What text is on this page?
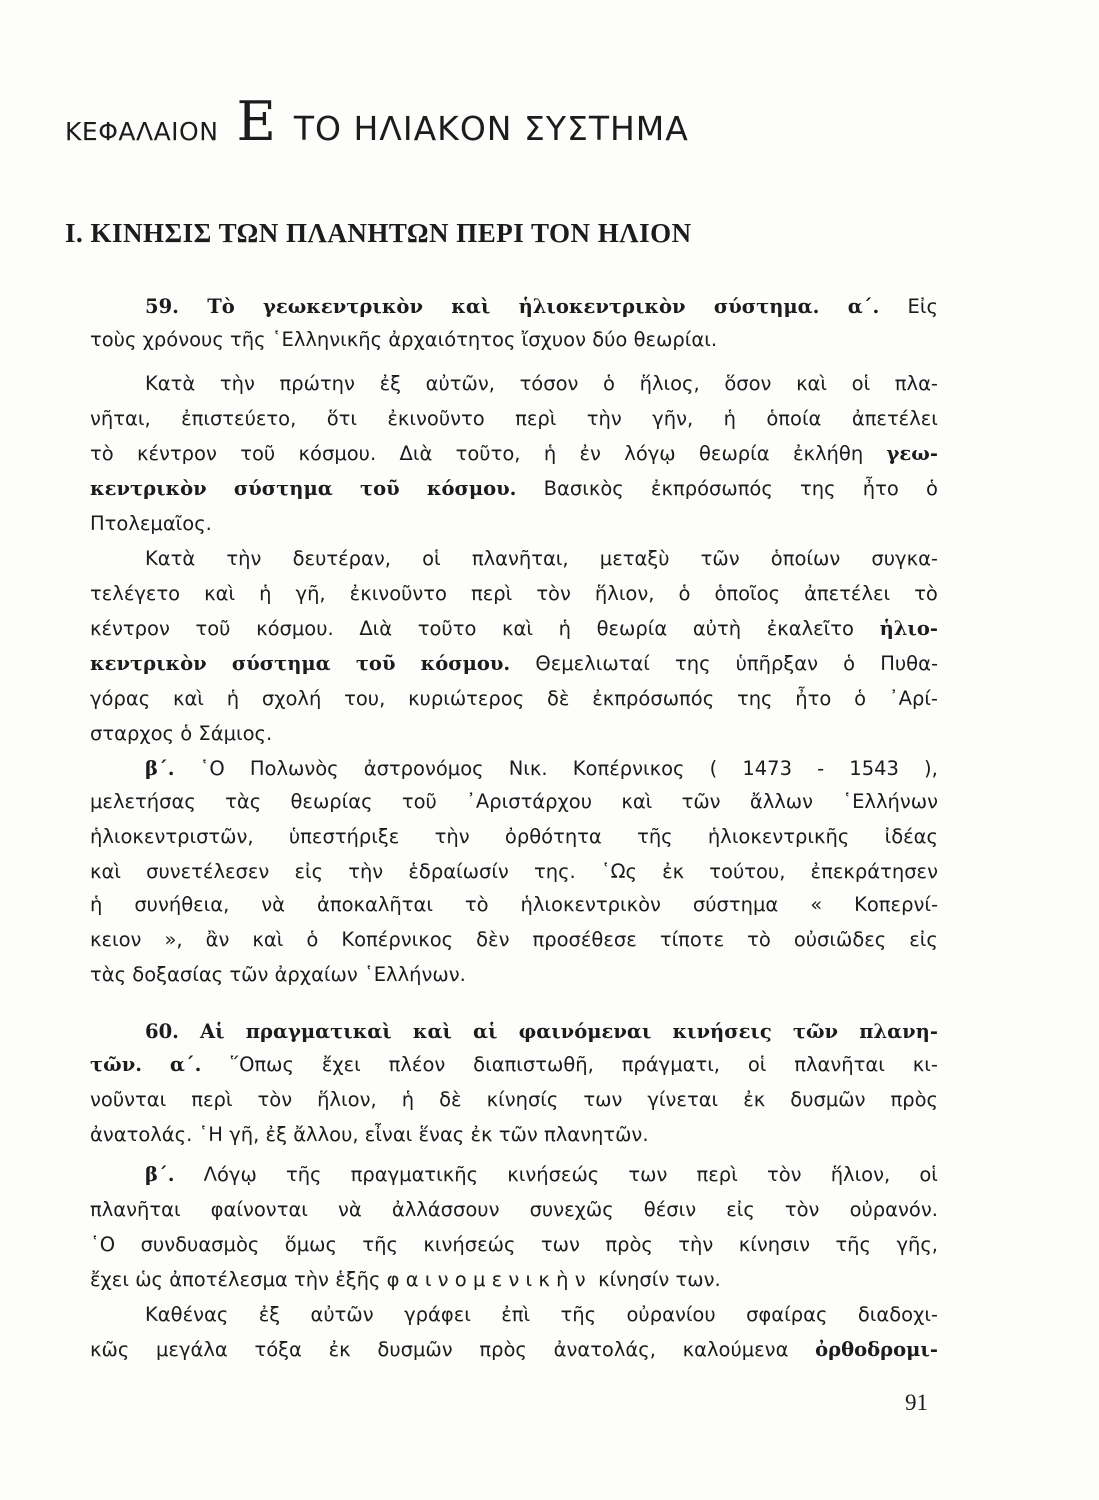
ΚΕΦΑΛΑΙΟΝ Ε ΤΟ ΗΛΙΑΚΟΝ ΣΥΣΤΗΜΑ
Ι. ΚΙΝΗΣΙΣ ΤΩΝ ΠΛΑΝΗΤΩΝ ΠΕΡΙ ΤΟΝ ΗΛΙΟΝ
59. Τὸ γεωκεντρικὸν καὶ ἡλιοκεντρικὸν σύστημα. α΄. Εἰς
τοὺς χρόνους τῆς ῾Ελληνικῆς ἀρχαιότητος ἴσχυον δύο θεωρίαι.
Κατὰ τὴν πρώτην ἐξ αὐτῶν, τόσον ὁ ἥλιος, ὅσον καὶ οἱ πλα-
νῆται, ἐπιστεύετο, ὅτι ἐκινοῦντο περὶ τὴν γῆν, ἡ ὁποία ἀπετέλει
τὸ κέντρον τοῦ κόσμου. Διὰ τοῦτο, ἡ ἐν λόγῳ θεωρία ἐκλήθη γεω-
κεντρικὸν σύστημα τοῦ κόσμου. Βασικὸς ἐκπρόσωπός της ἦτο ὁ
Πτολεμαῖος.
Κατὰ τὴν δευτέραν, οἱ πλανῆται, μεταξὺ τῶν ὁποίων συγκα-
τελέγετο καὶ ἡ γῆ, ἐκινοῦντο περὶ τὸν ἥλιον, ὁ ὁποῖος ἀπετέλει τὸ
κέντρον τοῦ κόσμου. Διὰ τοῦτο καὶ ἡ θεωρία αὐτὴ ἐκαλεῖτο ἡλιο-
κεντρικὸν σύστημα τοῦ κόσμου. Θεμελιωταί της ὑπῆρξαν ὁ Πυθα-
γόρας καὶ ἡ σχολή του, κυριώτερος δὲ ἐκπρόσωπός της ἦτο ὁ ᾿Αρί-
σταρχος ὁ Σάμιος.
β΄. ῾Ο Πολωνὸς ἀστρονόμος Νικ. Κοπέρνικος ( 1473 - 1543 ),
μελετήσας τὰς θεωρίας τοῦ ᾿Αριστάρχου καὶ τῶν ἄλλων ῾Ελλήνων
ἡλιοκεντριστῶν, ὑπεστήριξε τὴν ὀρθότητα τῆς ἡλιοκεντρικῆς ἰδέας
καὶ συνετέλεσεν εἰς τὴν ἑδραίωσίν της. ῾Ως ἐκ τούτου, ἐπεκράτησεν
ἡ συνήθεια, νὰ ἀποκαλῆται τὸ ἡλιοκεντρικὸν σύστημα « Κοπερνί-
κειον », ἂν καὶ ὁ Κοπέρνικος δὲν προσέθεσε τίποτε τὸ οὐσιῶδες εἰς
τὰς δοξασίας τῶν ἀρχαίων ῾Ελλήνων.
60. Αἱ πραγματικαὶ καὶ αἱ φαινόμεναι κινήσεις τῶν πλανη-
τῶν. α΄. ῞Οπως ἔχει πλέον διαπιστωθῆ, πράγματι, οἱ πλανῆται κι-
νοῦνται περὶ τὸν ἥλιον, ἡ δὲ κίνησίς των γίνεται ἐκ δυσμῶν πρὸς
ἀνατολάς. ῾Η γῆ, ἐξ ἄλλου, εἶναι ἕνας ἐκ τῶν πλανητῶν.
β΄. Λόγῳ τῆς πραγματικῆς κινήσεώς των περὶ τὸν ἥλιον, οἱ
πλανῆται φαίνονται νὰ ἀλλάσσουν συνεχῶς θέσιν εἰς τὸν οὐρανόν.
῾Ο συνδυασμὸς ὅμως τῆς κινήσεώς των πρὸς τὴν κίνησιν τῆς γῆς,
ἔχει ὡς ἀποτέλεσμα τὴν ἑξῆς φαινομενικὴν κίνησίν των.
Καθένας ἐξ αὐτῶν γράφει ἐπὶ τῆς οὐρανίου σφαίρας διαδοχι-
κῶς μεγάλα τόξα ἐκ δυσμῶν πρὸς ἀνατολάς, καλούμενα ὀρθοδρομι-
91
